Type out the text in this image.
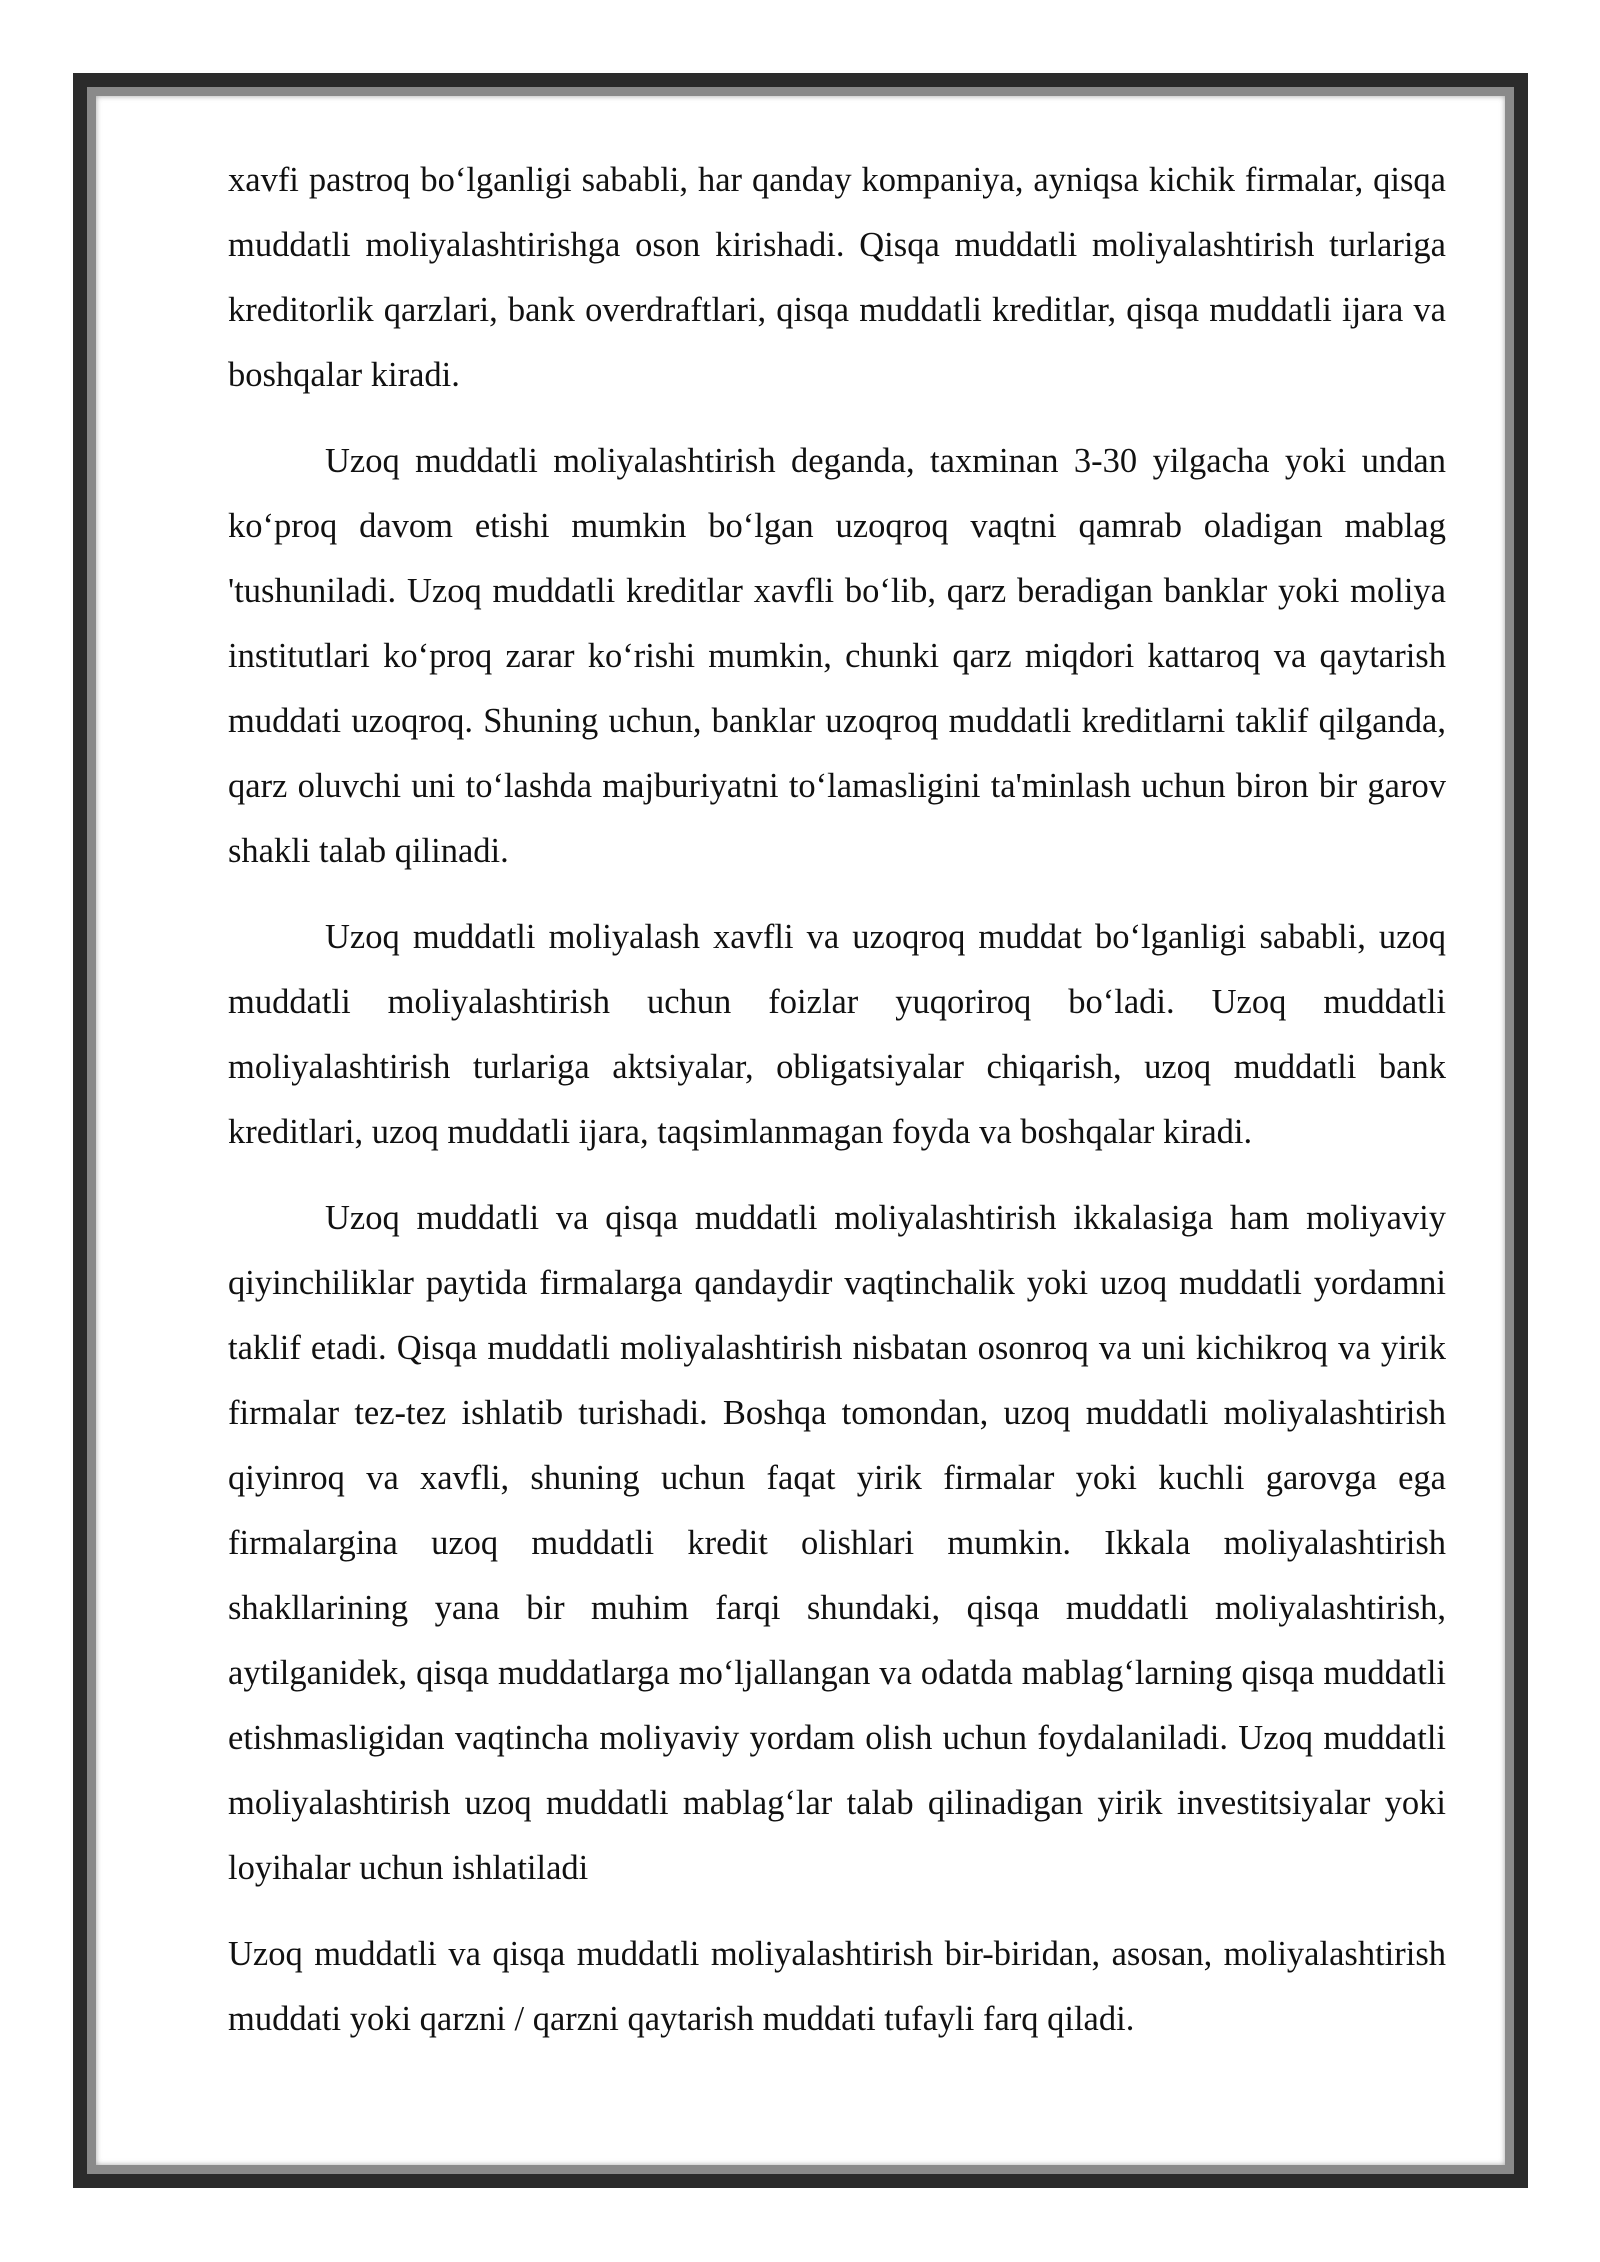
xavfi pastroq bo‘lganligi sababli, har qanday kompaniya, ayniqsa kichik firmalar, qisqa muddatli moliyalashtirishga oson kirishadi. Qisqa muddatli moliyalashtirish turlariga kreditorlik qarzlari, bank overdraftlari, qisqa muddatli kreditlar, qisqa muddatli ijara va boshqalar kiradi.

Uzoq muddatli moliyalashtirish deganda, taxminan 3-30 yilgacha yoki undan ko‘proq davom etishi mumkin bo‘lgan uzoqroq vaqtni qamrab oladigan mablag 'tushuniladi. Uzoq muddatli kreditlar xavfli bo‘lib, qarz beradigan banklar yoki moliya institutlari ko‘proq zarar ko‘rishi mumkin, chunki qarz miqdori kattaroq va qaytarish muddati uzoqroq. Shuning uchun, banklar uzoqroq muddatli kreditlarni taklif qilganda, qarz oluvchi uni to‘lashda majburiyatni to‘lamasligini ta'minlash uchun biron bir garov shakli talab qilinadi.

Uzoq muddatli moliyalash xavfli va uzoqroq muddat bo‘lganligi sababli, uzoq muddatli moliyalashtirish uchun foizlar yuqoriroq bo‘ladi. Uzoq muddatli moliyalashtirish turlariga aktsiyalar, obligatsiyalar chiqarish, uzoq muddatli bank kreditlari, uzoq muddatli ijara, taqsimlanmagan foyda va boshqalar kiradi.

Uzoq muddatli va qisqa muddatli moliyalashtirish ikkalasiga ham moliyaviy qiyinchiliklar paytida firmalarga qandaydir vaqtinchalik yoki uzoq muddatli yordamni taklif etadi. Qisqa muddatli moliyalashtirish nisbatan osonroq va uni kichikroq va yirik firmalar tez-tez ishlatib turishadi. Boshqa tomondan, uzoq muddatli moliyalashtirish qiyinroq va xavfli, shuning uchun faqat yirik firmalar yoki kuchli garovga ega firmalargina uzoq muddatli kredit olishlari mumkin. Ikkala moliyalashtirish shakllarining yana bir muhim farqi shundaki, qisqa muddatli moliyalashtirish, aytilganidek, qisqa muddatlarga mo‘ljallangan va odatda mablag‘larning qisqa muddatli etishmasligidan vaqtincha moliyaviy yordam olish uchun foydalaniladi. Uzoq muddatli moliyalashtirish uzoq muddatli mablag‘lar talab qilinadigan yirik investitsiyalar yoki loyihalar uchun ishlatiladi

Uzoq muddatli va qisqa muddatli moliyalashtirish bir-biridan, asosan, moliyalashtirish muddati yoki qarzni / qarzni qaytarish muddati tufayli farq qiladi.
